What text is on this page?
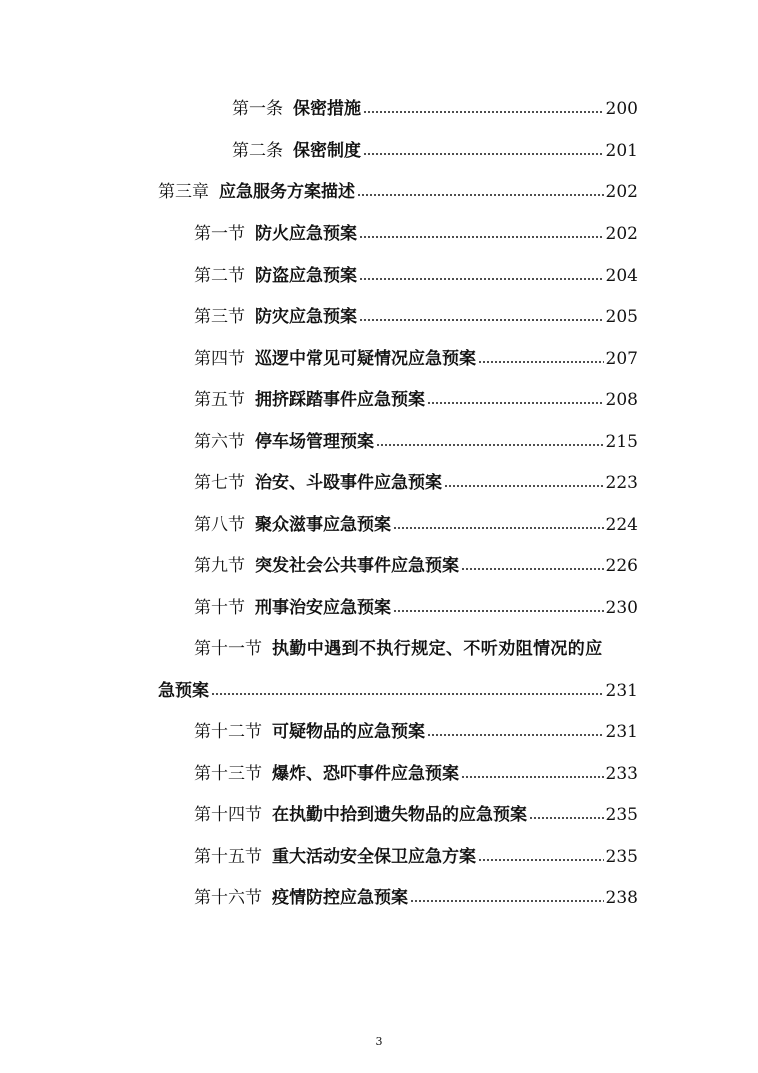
第一条 保密措施	200
第二条 保密制度	201
第三章 应急服务方案描述	202
第一节 防火应急预案	202
第二节 防盗应急预案	204
第三节 防灾应急预案	205
第四节 巡逻中常见可疑情况应急预案	207
第五节 拥挤踩踏事件应急预案	208
第六节 停车场管理预案	215
第七节 治安、斗殴事件应急预案	223
第八节 聚众滋事应急预案	224
第九节 突发社会公共事件应急预案	226
第十节 刑事治安应急预案	230
第十一节 执勤中遇到不执行规定、不听劝阻情况的应
急预案	231
第十二节 可疑物品的应急预案	231
第十三节 爆炸、恐吓事件应急预案	233
第十四节 在执勤中拾到遗失物品的应急预案	235
第十五节 重大活动安全保卫应急方案	235
第十六节 疫情防控应急预案	238
3
